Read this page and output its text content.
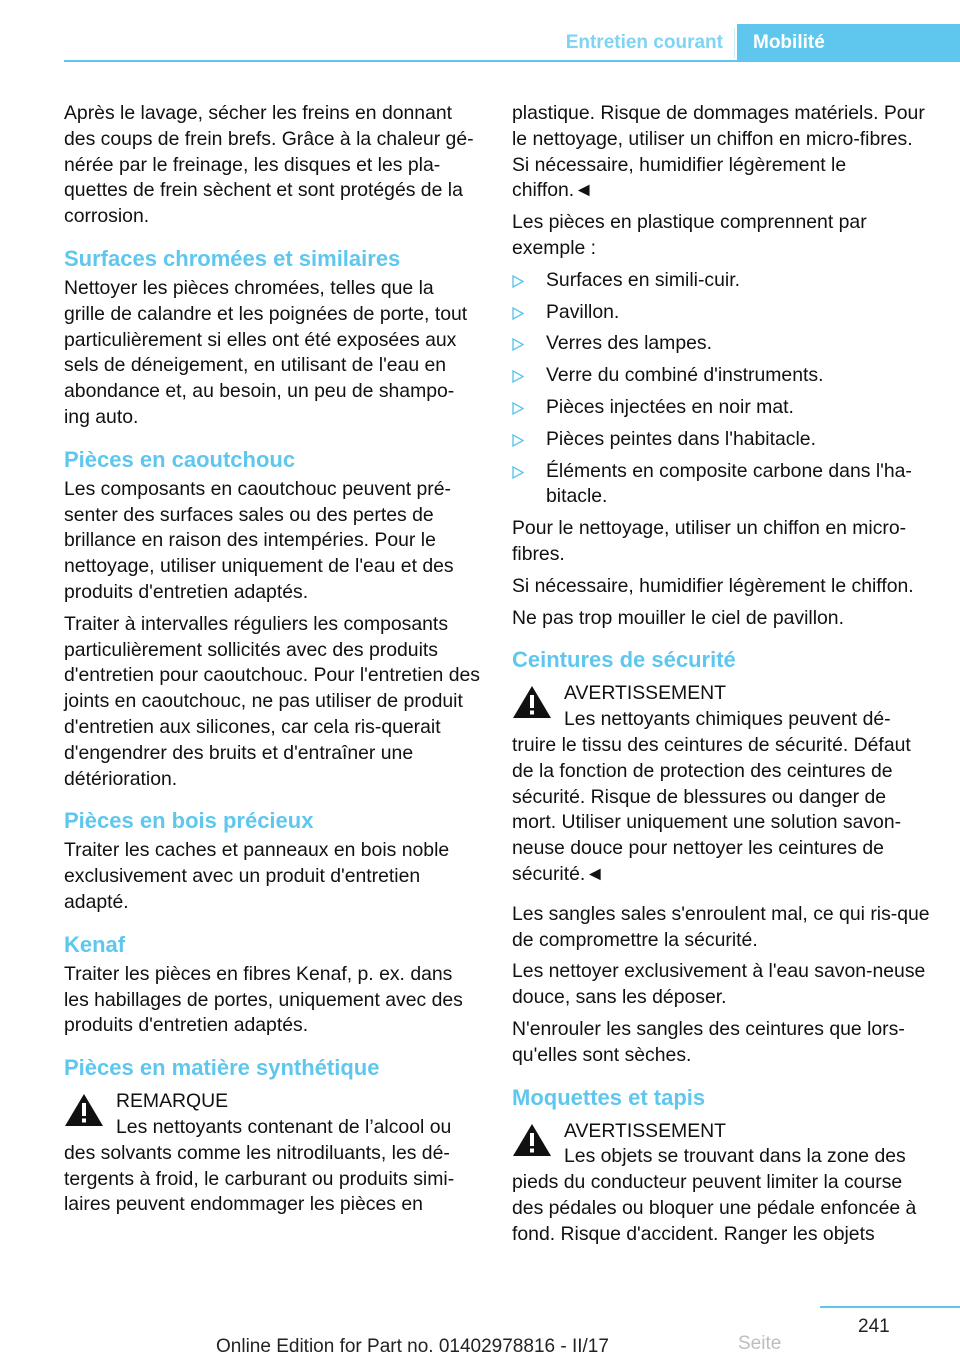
Entretien courant	Mobilité

Après le lavage, sécher les freins en donnant des coups de frein brefs. Grâce à la chaleur gé‐nérée par le freinage, les disques et les pla‐quettes de frein sèchent et sont protégés de la corrosion.

Surfaces chromées et similaires

Nettoyer les pièces chromées, telles que la grille de calandre et les poignées de porte, tout particulièrement si elles ont été exposées aux sels de déneigement, en utilisant de l'eau en abondance et, au besoin, un peu de shampo‐ing auto.

Pièces en caoutchouc

Les composants en caoutchouc peuvent pré‐senter des surfaces sales ou des pertes de brillance en raison des intempéries. Pour le nettoyage, utiliser uniquement de l'eau et des produits d'entretien adaptés.

Traiter à intervalles réguliers les composants particulièrement sollicités avec des produits d'entretien pour caoutchouc. Pour l'entretien des joints en caoutchouc, ne pas utiliser de produit d'entretien aux silicones, car cela ris‐querait d'engendrer des bruits et d'entraîner une détérioration.

Pièces en bois précieux

Traiter les caches et panneaux en bois noble exclusivement avec un produit d'entretien adapté.

Kenaf

Traiter les pièces en fibres Kenaf, p. ex. dans les habillages de portes, uniquement avec des produits d'entretien adaptés.

Pièces en matière synthétique
REMARQUE

Les nettoyants contenant de l’alcool ou des solvants comme les nitrodiluants, les dé‐tergents à froid, le carburant ou produits simi‐laires peuvent endommager les pièces en

plastique. Risque de dommages matériels. Pour le nettoyage, utiliser un chiffon en micro‐fibres. Si nécessaire, humidifier légèrement le chiffon.◄

Les pièces en plastique comprennent par exemple :

Surfaces en simili-cuir.
Pavillon.
Verres des lampes.
Verre du combiné d'instruments.
Pièces injectées en noir mat.
Pièces peintes dans l'habitacle.
Éléments en composite carbone dans l'ha‐bitacle.

Pour le nettoyage, utiliser un chiffon en micro‐fibres.

Si nécessaire, humidifier légèrement le chiffon.

Ne pas trop mouiller le ciel de pavillon.

Ceintures de sécurité
AVERTISSEMENT

Les nettoyants chimiques peuvent dé‐truire le tissu des ceintures de sécurité. Défaut de la fonction de protection des ceintures de sécurité. Risque de blessures ou danger de mort. Utiliser uniquement une solution savon‐neuse douce pour nettoyer les ceintures de sécurité.◄

Les sangles sales s'enroulent mal, ce qui ris‐que de compromettre la sécurité.

Les nettoyer exclusivement à l'eau savon‐neuse douce, sans les déposer.

N'enrouler les sangles des ceintures que lors‐qu'elles sont sèches.

Moquettes et tapis
AVERTISSEMENT

Les objets se trouvant dans la zone des pieds du conducteur peuvent limiter la course des pédales ou bloquer une pédale enfoncée à fond. Risque d'accident. Ranger les objets

241
Online Edition for Part no. 01402978816 - II/17	Seite
